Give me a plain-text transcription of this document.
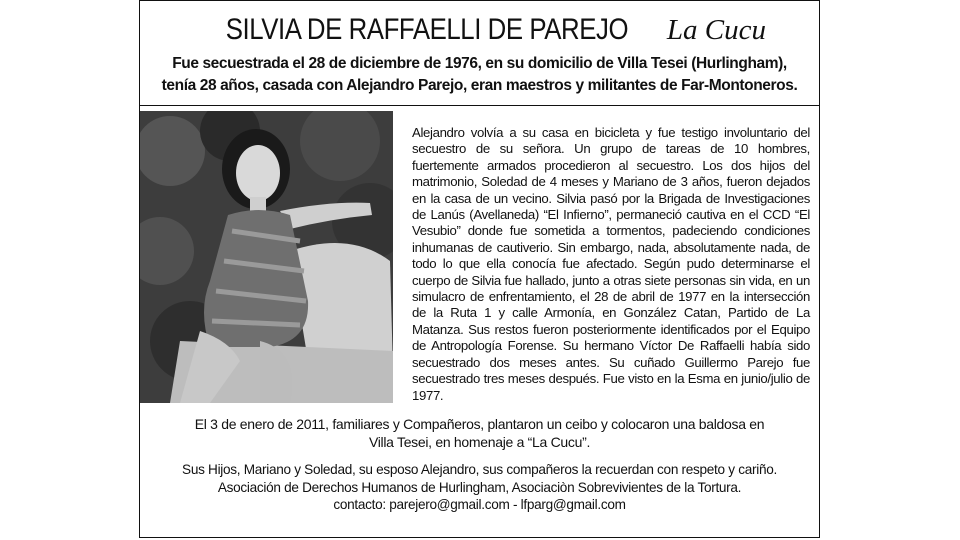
SILVIA DE RAFFAELLI DE PAREJO La Cucu
Fue secuestrada el 28 de diciembre de 1976, en su domicilio de Villa Tesei (Hurlingham),
tenía 28 años, casada con Alejandro Parejo, eran maestros y militantes de Far-Montoneros.
Alejandro volvía a su casa en bicicleta y fue testigo involuntario del secuestro de su señora. Un grupo de tareas de 10 hombres, fuertemente armados procedieron al secuestro. Los dos hijos del matrimonio, Soledad de 4 meses y Mariano de 3 años, fueron dejados en la casa de un vecino. Silvia pasó por la Brigada de Investigaciones de Lanús (Avellaneda) “El Infierno”, permaneció cautiva en el CCD “El Vesubio” donde fue sometida a tormentos, padeciendo condiciones inhumanas de cautiverio. Sin embargo, nada, absolutamente nada, de todo lo que ella conocía fue afectado. Según pudo determinarse el cuerpo de Silvia fue hallado, junto a otras siete personas sin vida, en un simulacro de enfrentamiento, el 28 de abril de 1977 en la intersección de la Ruta 1 y calle Armonía, en González Catan, Partido de La Matanza. Sus restos fueron posteriormente identificados por el Equipo de Antropología Forense. Su hermano Víctor De Raffaelli había sido secuestrado dos meses antes. Su cuñado Guillermo Parejo fue secuestrado tres meses después. Fue visto en la Esma en junio/julio de 1977.
El 3 de enero de 2011, familiares y Compañeros, plantaron un ceibo y colocaron una baldosa en Villa Tesei, en homenaje a “La Cucu”.
Sus Hijos, Mariano y Soledad, su esposo Alejandro, sus compañeros la recuerdan con respeto y cariño.
Asociación de Derechos Humanos de Hurlingham, Asociaciòn Sobrevivientes de la Tortura.
contacto: parejero@gmail.com - lfparg@gmail.com
